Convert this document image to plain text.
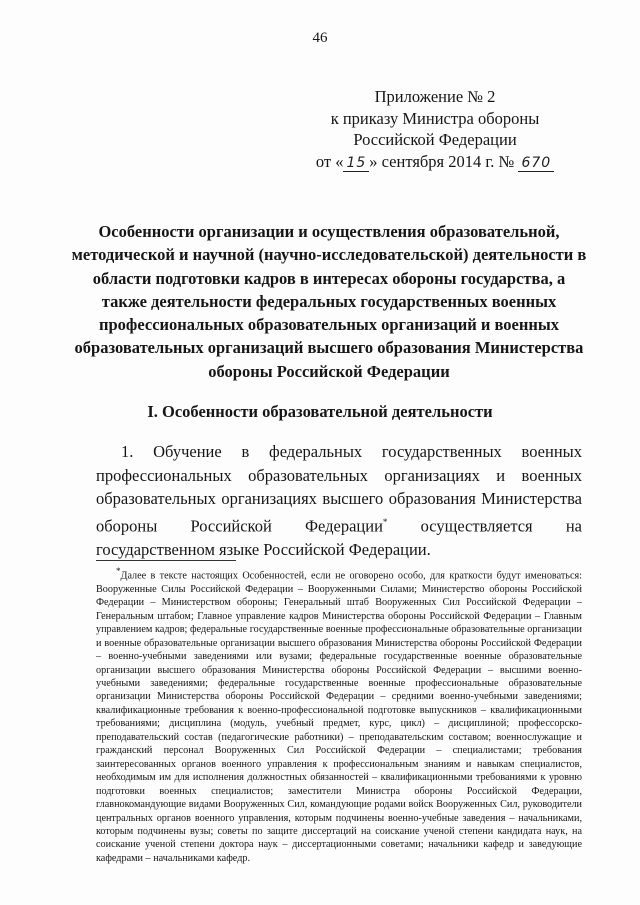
46
Приложение № 2
к приказу Министра обороны
Российской Федерации
от « 15 » сентября 2014 г. № 670
Особенности организации и осуществления образовательной, методической и научной (научно-исследовательской) деятельности в области подготовки кадров в интересах обороны государства, а также деятельности федеральных государственных военных профессиональных образовательных организаций и военных образовательных организаций высшего образования Министерства обороны Российской Федерации
I. Особенности образовательной деятельности
1. Обучение в федеральных государственных военных профессиональных образовательных организациях и военных образовательных организациях высшего образования Министерства обороны Российской Федерации* осуществляется на государственном языке Российской Федерации.
*Далее в тексте настоящих Особенностей, если не оговорено особо, для краткости будут именоваться: Вооруженные Силы Российской Федерации – Вооруженными Силами; Министерство обороны Российской Федерации – Министерством обороны; Генеральный штаб Вооруженных Сил Российской Федерации – Генеральным штабом; Главное управление кадров Министерства обороны Российской Федерации – Главным управлением кадров; федеральные государственные военные профессиональные образовательные организации и военные образовательные организации высшего образования Министерства обороны Российской Федерации – военно-учебными заведениями или вузами; федеральные государственные военные образовательные организации высшего образования Министерства обороны Российской Федерации – высшими военно-учебными заведениями; федеральные государственные военные профессиональные образовательные организации Министерства обороны Российской Федерации – средними военно-учебными заведениями; квалификационные требования к военно-профессиональной подготовке выпускников – квалификационными требованиями; дисциплина (модуль, учебный предмет, курс, цикл) – дисциплиной; профессорско-преподавательский состав (педагогические работники) – преподавательским составом; военнослужащие и гражданский персонал Вооруженных Сил Российской Федерации – специалистами; требования заинтересованных органов военного управления к профессиональным знаниям и навыкам специалистов, необходимым им для исполнения должностных обязанностей – квалификационными требованиями к уровню подготовки военных специалистов; заместители Министра обороны Российской Федерации, главнокомандующие видами Вооруженных Сил, командующие родами войск Вооруженных Сил, руководители центральных органов военного управления, которым подчинены военно-учебные заведения – начальниками, которым подчинены вузы; советы по защите диссертаций на соискание ученой степени кандидата наук, на соискание ученой степени доктора наук – диссертационными советами; начальники кафедр и заведующие кафедрами – начальниками кафедр.
